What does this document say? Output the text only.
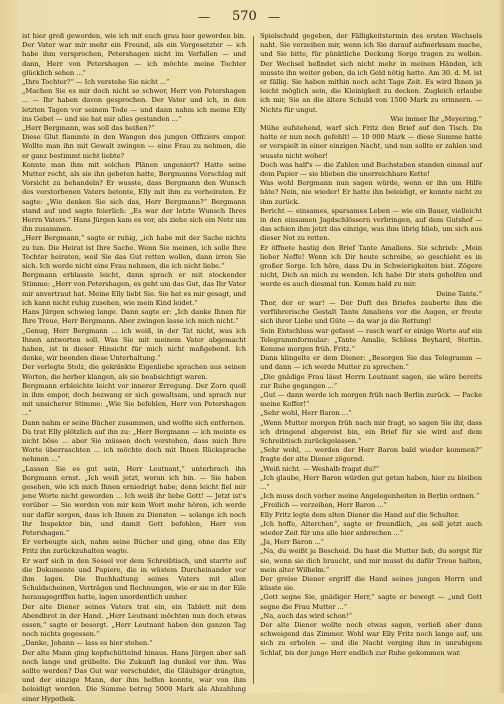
— 570 —

ist hier groß geworden, wie ich mit euch grau hier geworden bin. Der Vater war mir mehr ein Freund, als ein Vorgesetzter — ich habe ihm versprochen, Petershagen nicht im Verfallen — und dann, Herr von Petershagen — ich möchte meine Tochter glücklich sehen ...“

„Ihre Tochter?“ — Ich verstehe Sie nicht ...“

„Machen Sie es mir doch nicht so schwer, Herr von Petershagen ... — Ihr haben davon gesprochen. Der Vater und ich, in den letzten Tagen vor seinem Tode — und dann nahm ich meine Elly ins Gebet — und sie hat mir alles gestanden ...“

„Herr Bergmann, was soll das heißen?“

Diese Glut flammte in den Wangen des jungen Offiziers empor. Wollte man ihn mit Gewalt zwingen — eine Frau zu nehmen, die er ganz bestimmt nicht liebte?

Konnte man ihm mit solchen Plänen ungeniert? Hatte seine Mutter recht, als sie ihn gebeten hatte, Bergmanns Vorschlag mit Vorsicht zu behandeln? Er wusste, dass Bergmann den Wunsch des verstorbenen Vaters betonte, Elly mit ihm zu verheiraten. Er sagte: „Wie denken Sie sich das, Herr Bergmann?“ Bergmann stand auf und sagte feierlich: „Es war der letzte Wunsch Ihres Herrn Vaters.“ Hans Jürgen kam es vor, als ziehe sich ein Netz um ihn zusammen.

„Herr Bergmann,“ sagte er ruhig, „ich habe mit der Sache nichts zu tun. Die Heirat ist Ihre Sache. Wenn Sie meinen, ich solle Ihre Tochter heiraten, weil Sie das Gut retten wollen, dann irren Sie sich. Ich werde nicht eine Frau nehmen, die ich nicht liebe.“

Bergmann erblasste leicht, dann sprach er mit stockender Stimme: „Herr von Petershagen, es geht um das Gut, das Ihr Vater mir anvertraut hat. Meine Elly liebt Sie. Sie hat es mir gesagt, und ich kann nicht ruhig zusehen, wie mein Kind leidet.“

Hans Jürgen schwieg lange. Dann sagte er: „Ich danke Ihnen für Ihre Treue, Herr Bergmann. Aber zwingen lasse ich mich nicht.“

„Genug, Herr Bergmann ... ich weiß, in der Tat nicht, was ich Ihnen antworten soll. Was Sie mit meinem Vater abgemacht haben, ist in dieser Hinsicht für mich nicht maßgebend. Ich denke, wir beenden diese Unterhaltung.“

Der verlegte Stolz, die gekränkte Eigenliebe sprachen aus seinen Worten, die herber klangen, als sie beabsichtigt waren.

Bergmann erbleichte leicht vor innerer Erregung. Der Zorn quoll in ihm empor, doch bezwang er sich gewaltsam, und sprach nur mit unsicherer Stimme: „Wie Sie befehlen, Herr von Petershagen ...“

Dann nahm er seine Bücher zusammen, und wollte sich entfernen.

Da trat Elly plötzlich auf ihn zu: „Herr Bergmann — ich meinte es nicht böse ... aber Sie müssen doch verstehen, dass mich Ihre Worte überraschten ... ich möchte doch mit Ihnen Rücksprache nehmen ...“

„Lassen Sie es gut sein, Herr Leutnant,“ unterbrach ihn Bergmann ernst. „Ich weiß jetzt, woran ich bin. — Sie haben gesehen, wie ich mich Ihnen erniedrigt habe; denn leicht fiel mir jene Worte nicht geworden ... Ich weiß ihr liebe Gott! — Jetzt ist's vorüber — Sie werden von mir kein Wort mehr hören, ich werde nur dafür sorgen, dass ich Ihnen zu Diensten — solange ich noch Ihr Inspektor bin, und damit Gott befohlen, Herr von Petershagen.“

Er verbeugte sich, nahm seine Bücher und ging, ohne das Elly Fritz ihn zurückzuhalten wagte.

Er warf sich in den Sessel vor dem Schreibtisch, und starrte auf die Dokumente und Papiere, die in wüstem Durcheinander vor ihm lagen. Die Buchhaltung seines Vaters mit allen Schuldscheinen, Verträgen und Rechnungen, wie er sie in der Eile herausgegriffen hatte, lagen unordentlich umher.

Der alte Diener seines Vaters trat ein, ein Tablett mit dem Abendbrot in der Hand. „Herr Leutnant möchten nun doch etwas essen,“ sagte er besorgt. „Herr Leutnant haben den ganzen Tag noch nichts gegessen.“

„Danke, Johann — lass es hier stehen.“

Der alte Mann ging kopfschüttelnd hinaus. Hans Jürgen aber saß noch lange und grübelte. Die Zukunft lag dunkel vor ihm. Was sollte werden? Das Gut war verschuldet, die Gläubiger drängten, und der einzige Mann, der ihm helfen konnte, war von ihm beleidigt worden. Die Summe betrug 5000 Mark als Abzahlung einer Hypothek.

Spielschuld gegeben, der Fälligkeitstermin des ersten Wechsels naht. Sie verzeihen mir, wenn ich Sie darauf aufmerksam mache, und Sie bitte, für pünktliche Deckung Sorge tragen zu wollen. Der Wechsel befindet sich nicht mehr in meinen Händen, ich musste ihn weiter geben, da ich Geld nötig hatte. Am 30. d. M. ist er fällig. Sie haben mithin noch acht Tage Zeit. Es wird Ihnen ja leicht möglich sein, die Kleinigkeit zu decken. Zugleich erlaube ich mir, Sie an die ältere Schuld von 1500 Mark zu erinnern. — Nichts für ungut.

Wie immer Ihr „Meyering.“

Mühe aufstehend, warf sich Fritz den Brief auf den Tisch. Da hatte er nun noch gefehlt! — 10 000 Mark — diese Summe hatte er verspielt in einer einzigen Nacht, und nun sollte er zahlen und wusste nicht woher!

Doch was half's — die Zahlen und Buchstaben standen einmal auf dem Papier — sie blieben die unerreichbare Kette!

Was wohl Bergmann nun sagen würde, wenn er ihn um Hilfe bäte? Nein, nie wieder! Er hatte ihn beleidigt, er konnte nicht zu ihm zurück.

Bericht — einsames, sparsames Leben — wie ein Bauer, vielleicht in den einsamen Jagdschlössern verbringen, auf dem Gutshof — das schien ihm jetzt das einzige, was ihm übrig blieb, um sich aus dieser Not zu retten.

Er öffnete hastig den Brief Tante Amaliens. Sie schrieb: „Mein lieber Neffe! Wenn ich Dir heute schreibe, so geschieht es in großer Sorge. Ich höre, dass Du in Schwierigkeiten bist. Zögere nicht, Dich an mich zu wenden. Ich habe Dir stets geholfen und werde es auch diesmal tun. Komm bald zu mir.

Deine Tante.“

Thor, der er war! — Der Duft des Briefes zauberte ihm die verführerische Gestalt Tante Amaliens vor die Augen, er freute sich ihrer Liebe und Güte — da war ja die Rettung!

Sein Entschluss war gefasst — rasch warf er einige Worte auf ein Telegrammformular: „Tante Amalie, Schloss Beyhard, Stettin. Komme morgen früh. Fritz.“

Dann klingelte er dem Diener: „Besorgen Sie das Telegramm — und dann — ich werde Mutter zu sprechen.“

„Die gnädige Frau lässt Herrn Leutnant sagen, sie wäre bereits zur Ruhe gegangen ...“

„Gut — dann werde ich morgen früh nach Berlin zurück. — Packe meine Koffer!“

„Sehr wohl, Herr Baron ...“

„Wenn Mutter morgen früh nach mir fragt, so sagen Sie ihr, dass ich dringend abgereist bin, ein Brief für sie wird auf dem Schreibtisch zurückgelassen.“

„Sehr wohl, ... werden der Herr Baron bald wieder kommen?“ fragte der alte Diener zögernd.

„Weiß nicht. — Weshalb fragst du?“

„Ich glaube, Herr Baron würden gut getan haben, hier zu bleiben ...“

„Ich muss doch vorher meine Angelegenheiten in Berlin ordnen.“

„Freilich — verzeihen, Herr Baron ...“

Elly Fritz legte dem alten Diener die Hand auf die Schulter.

„Ich hoffe, Alterchen“, sagte er freundlich, „es soll jetzt auch wieder Zeit für uns alle hier anbrechen ...“

„Ja, Herr Baron ...“

„Na, du weißt ja Bescheid. Du hast die Mutter lieb, du sorgst für sie, wenn sie dich braucht, und mir musst du dafür Treue halten, mein alter Wilhelm.“

Der greise Diener ergriff die Hand seines jungen Herrn und küsste sie.

„Gott segne Sie, gnädiger Herr,“ sagte er bewegt — „und Gott segne die Frau Mutter ...“

„Na, auch das wird schon!“

Der alte Diener wollte noch etwas sagen, verließ aber dann schweigend das Zimmer. Wohl war Elly Fritz noch lange auf, um sich zu erholen — und die Nacht verging ihm in unruhigem Schlaf, bis der junge Herr endlich zur Ruhe gekommen war.
